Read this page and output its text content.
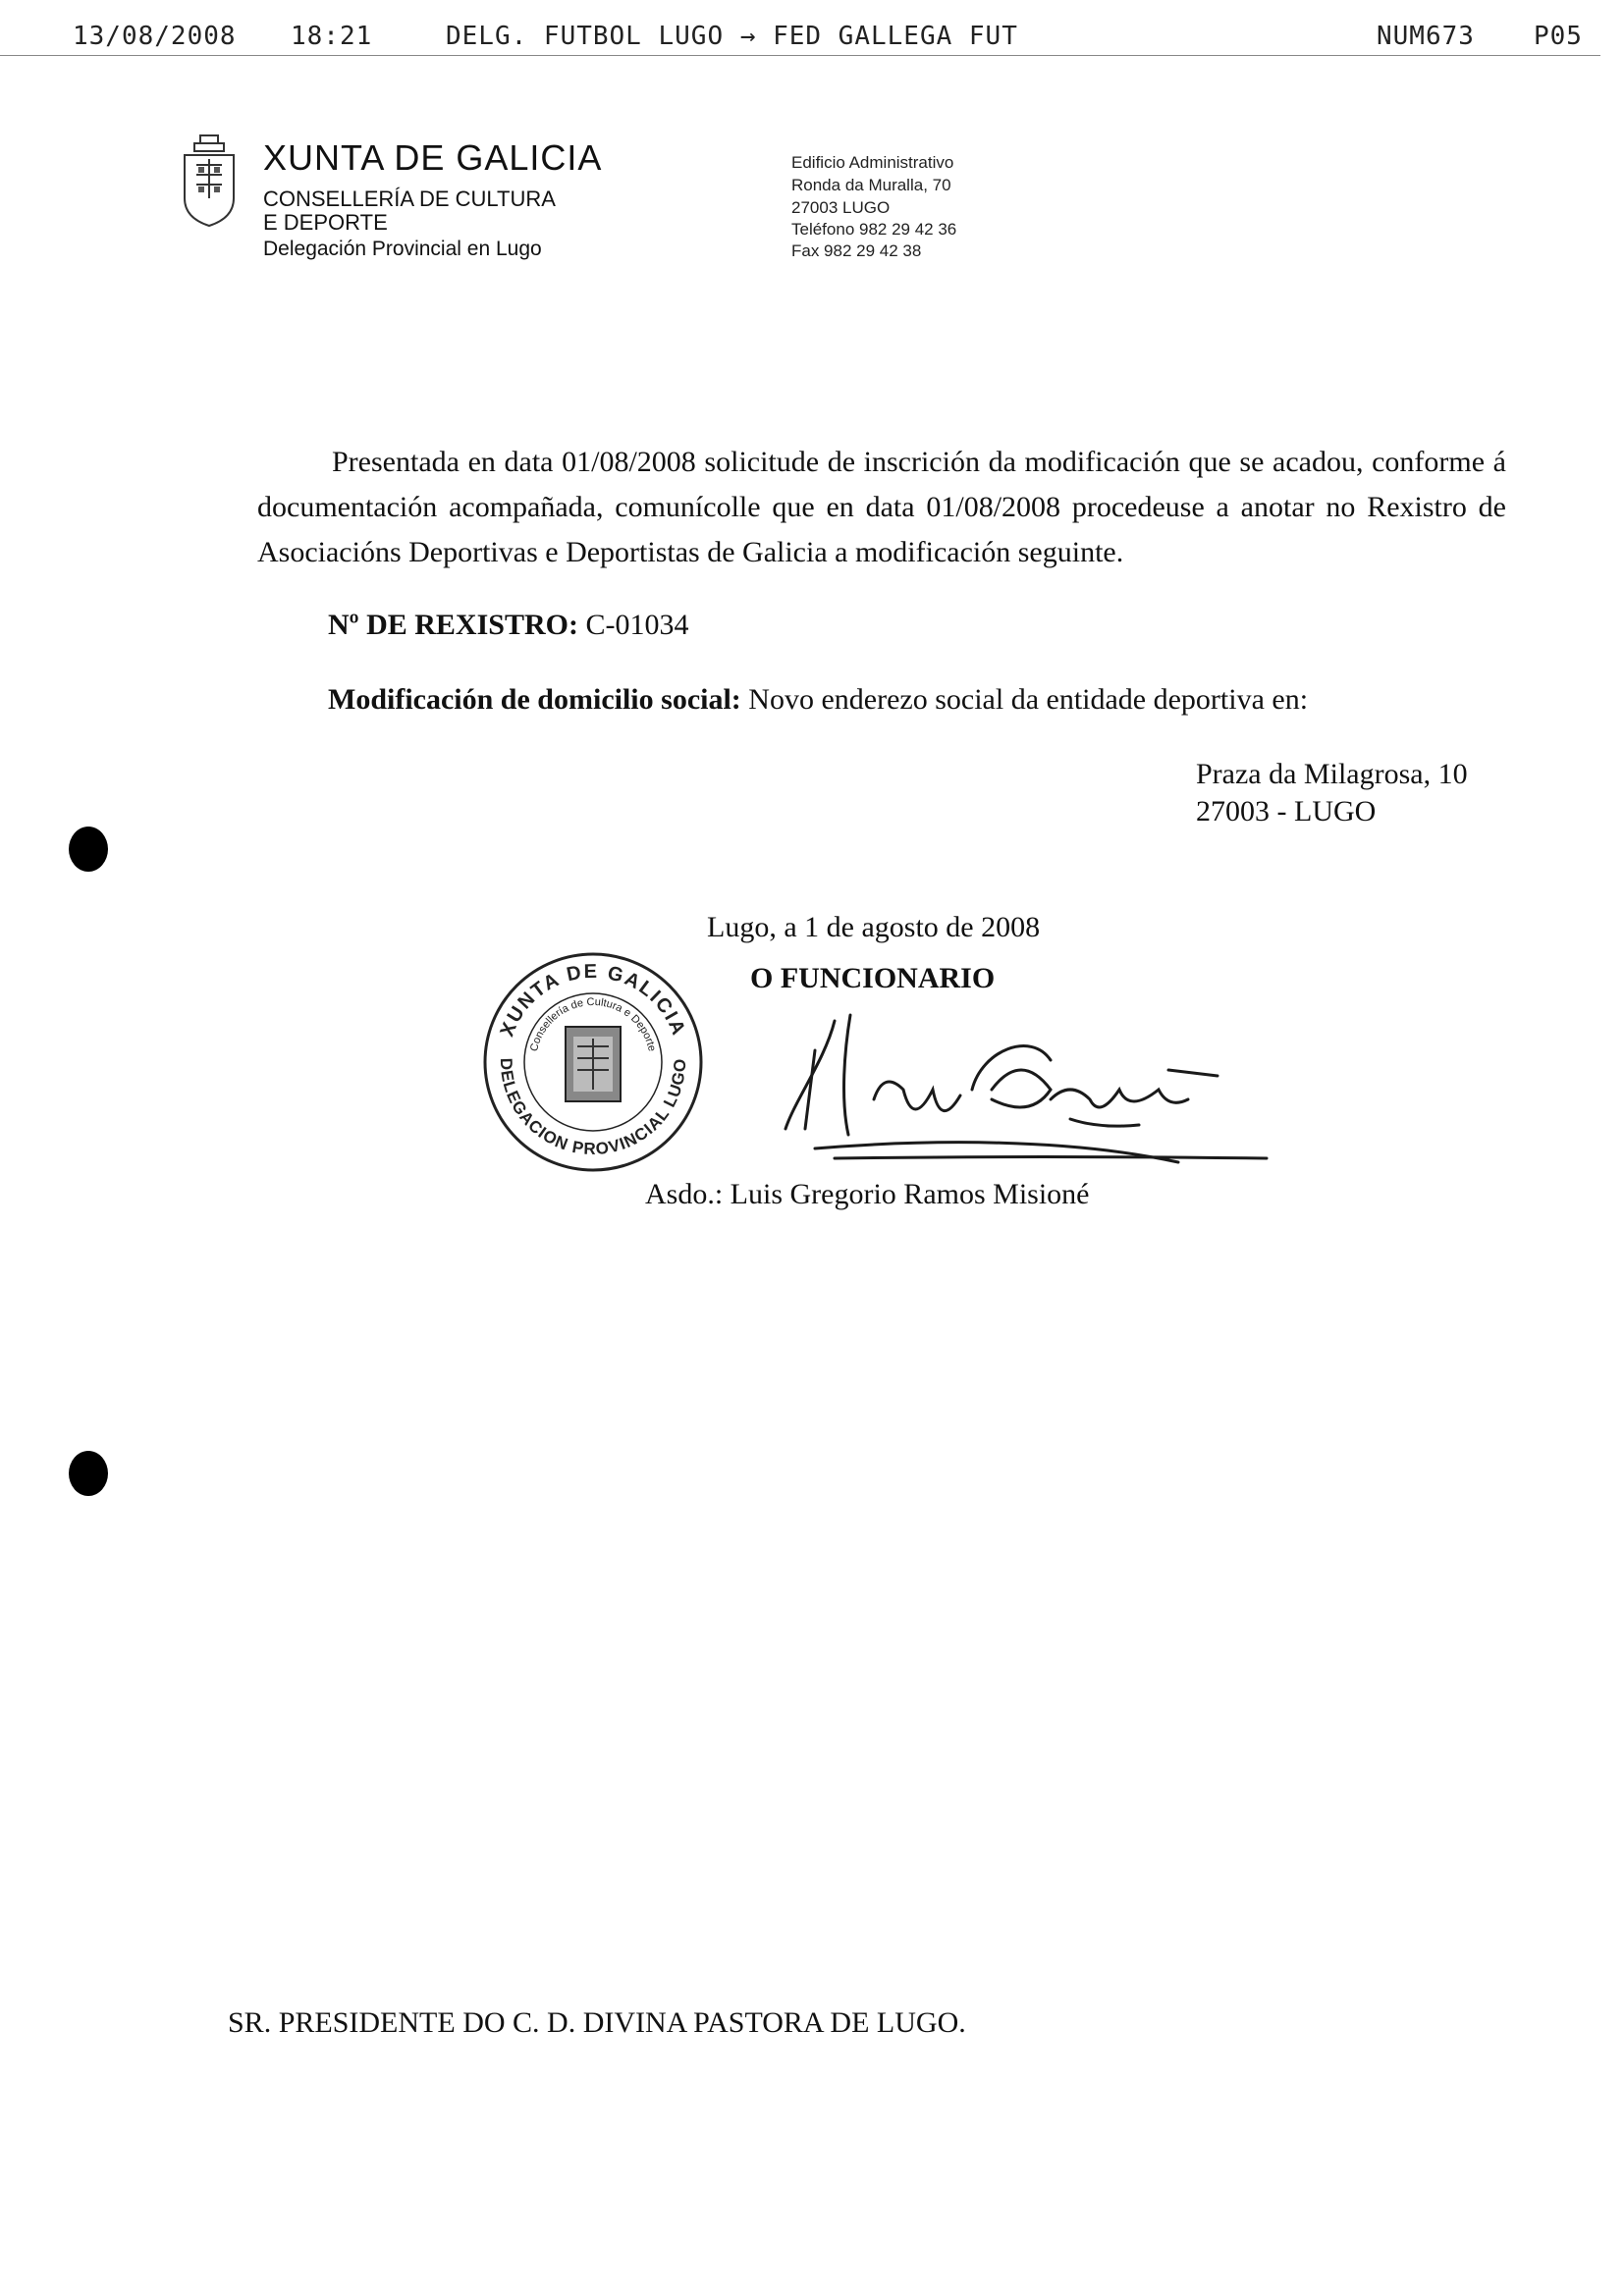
13/08/2008 18:21	DELG. FUTBOL LUGO → FED GALLEGA FUT	NUM673 P05
XUNTA DE GALICIA
CONSELLERÍA DE CULTURA
E DEPORTE
Delegación Provincial en Lugo
Edificio Administrativo
Ronda da Muralla, 70
27003 LUGO
Teléfono 982 29 42 36
Fax 982 29 42 38
Presentada en data 01/08/2008 solicitude de inscrición da modificación que se acadou, conforme á documentación acompañada, comunícolle que en data 01/08/2008 procedeuse a anotar no Rexistro de Asociacións Deportivas e Deportistas de Galicia a modificación seguinte.
Nº DE REXISTRO: C-01034
Modificación de domicilio social: Novo enderezo social da entidade deportiva en:
Praza da Milagrosa, 10
27003 - LUGO
Lugo, a 1 de agosto de 2008
O FUNCIONARIO
XUNTA DE GALICIA
Consellería de Cultura e Deporte
DELEGACION PROVINCIAL LUGO
Asdo.: Luis Gregorio Ramos Misioné
SR. PRESIDENTE DO C. D. DIVINA PASTORA DE LUGO.
